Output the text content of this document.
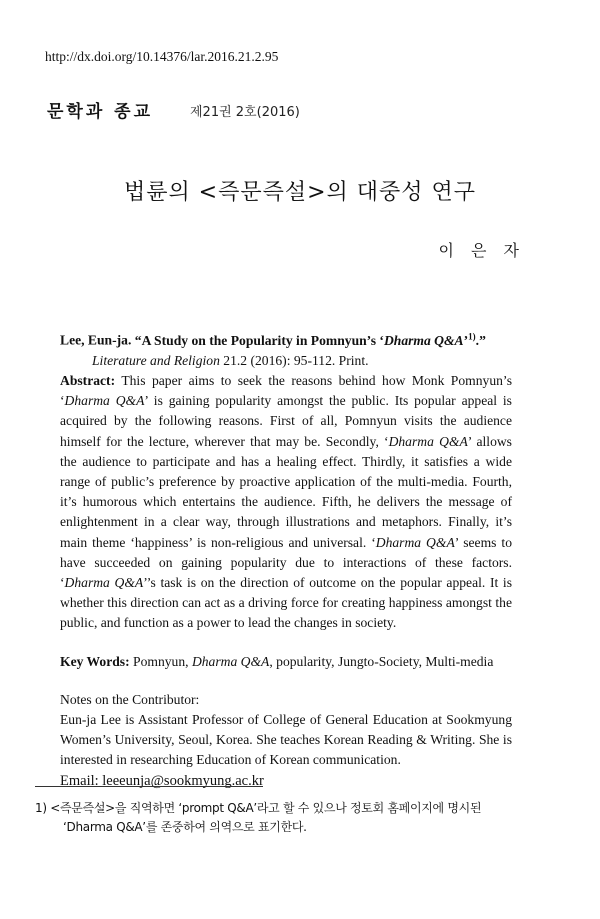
http://dx.doi.org/10.14376/lar.2016.21.2.95
문학과 종교	제21권 2호(2016)
법륜의 <즉문즉설>의 대중성 연구
이 은 자

Lee, Eun-ja. “A Study on the Popularity in Pomnyun’s ‘Dharma Q&A’$^{1)}$.”

Literature and Religion 21.2 (2016): 95-112. Print.

Abstract: This paper aims to seek the reasons behind how Monk Pomnyun’s ‘Dharma Q&A’ is gaining popularity amongst the public. Its popular appeal is acquired by the following reasons. First of all, Pomnyun visits the audience himself for the lecture, wherever that may be. Secondly, ‘Dharma Q&A’ allows the audience to participate and has a healing effect. Thirdly, it satisfies a wide range of public’s preference by proactive application of the multi-media. Fourth, it’s humorous which entertains the audience. Fifth, he delivers the message of enlightenment in a clear way, through illustrations and metaphors. Finally, it’s main theme ‘happiness’ is non-religious and universal. ‘Dharma Q&A’ seems to have succeeded on gaining popularity due to interactions of these factors. ‘Dharma Q&A’’s task is on the direction of outcome on the popular appeal. It is whether this direction can act as a driving force for creating happiness amongst the public, and function as a power to lead the changes in society.

Key Words: Pomnyun, Dharma Q&A, popularity, Jungto-Society, Multi-media

Notes on the Contributor:

Eun-ja Lee is Assistant Professor of College of General Education at Sookmyung Women’s University, Seoul, Korea. She teaches Korean Reading & Writing. She is interested in researching Education of Korean communication.

Email: leeeunja@sookmyung.ac.kr

1) <즉문즉설>을 직역하면 ‘prompt Q&A’라고 할 수 있으나 정토회 홈페이지에 명시된
‘Dharma Q&A’를 존중하여 의역으로 표기한다.
